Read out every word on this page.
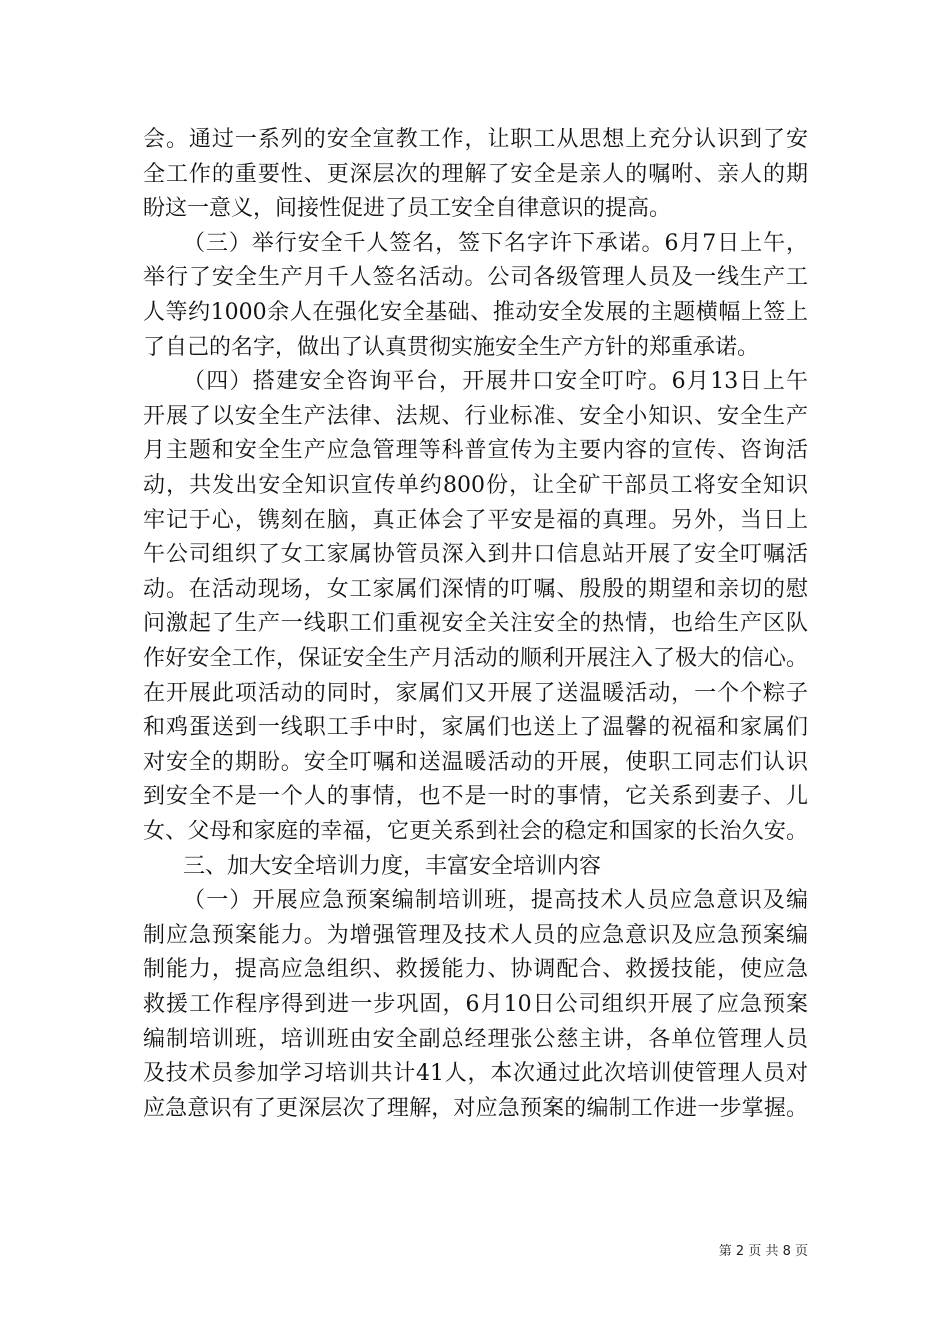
会。通过一系列的安全宣教工作，让职工从思想上充分认识到了安
全工作的重要性、更深层次的理解了安全是亲人的嘱咐、亲人的期
盼这一意义，间接性促进了员工安全自律意识的提高。
（三）举行安全千人签名，签下名字许下承诺。6月7日上午，
举行了安全生产月千人签名活动。公司各级管理人员及一线生产工
人等约1000余人在强化安全基础、推动安全发展的主题横幅上签上
了自己的名字，做出了认真贯彻实施安全生产方针的郑重承诺。
（四）搭建安全咨询平台，开展井口安全叮咛。6月13日上午
开展了以安全生产法律、法规、行业标准、安全小知识、安全生产
月主题和安全生产应急管理等科普宣传为主要内容的宣传、咨询活
动，共发出安全知识宣传单约800份，让全矿干部员工将安全知识
牢记于心，镌刻在脑，真正体会了平安是福的真理。另外，当日上
午公司组织了女工家属协管员深入到井口信息站开展了安全叮嘱活
动。在活动现场，女工家属们深情的叮嘱、殷殷的期望和亲切的慰
问激起了生产一线职工们重视安全关注安全的热情，也给生产区队
作好安全工作，保证安全生产月活动的顺利开展注入了极大的信心。
在开展此项活动的同时，家属们又开展了送温暖活动，一个个粽子
和鸡蛋送到一线职工手中时，家属们也送上了温馨的祝福和家属们
对安全的期盼。安全叮嘱和送温暖活动的开展，使职工同志们认识
到安全不是一个人的事情，也不是一时的事情，它关系到妻子、儿
女、父母和家庭的幸福，它更关系到社会的稳定和国家的长治久安。
三、加大安全培训力度，丰富安全培训内容
（一）开展应急预案编制培训班，提高技术人员应急意识及编
制应急预案能力。为增强管理及技术人员的应急意识及应急预案编
制能力，提高应急组织、救援能力、协调配合、救援技能，使应急
救援工作程序得到进一步巩固，6月10日公司组织开展了应急预案
编制培训班，培训班由安全副总经理张公慈主讲，各单位管理人员
及技术员参加学习培训共计41人，本次通过此次培训使管理人员对
应急意识有了更深层次了理解，对应急预案的编制工作进一步掌握。
第 2 页 共 8 页
